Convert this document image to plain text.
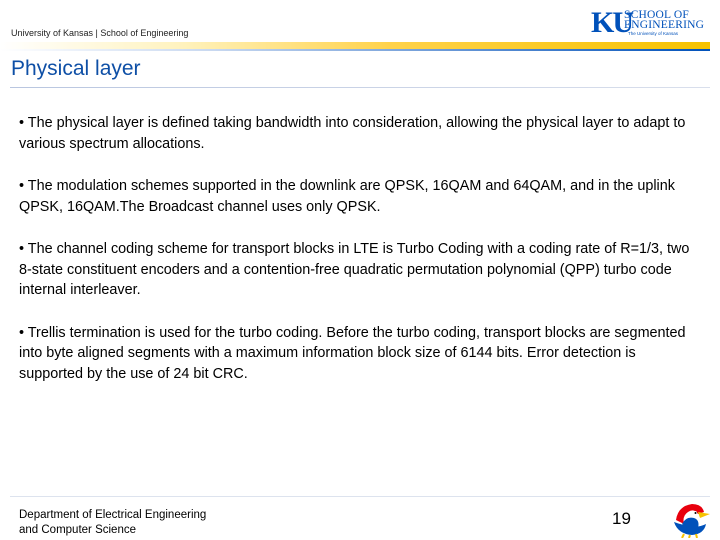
University of Kansas | School of Engineering	KU
SCHOOL OF
ENGINEERING
The University of Kansas
Physical layer

• The physical layer is defined taking bandwidth into consideration, allowing the physical layer to adapt to various spectrum allocations.

• The modulation schemes supported in the downlink are QPSK, 16QAM and 64QAM, and in the uplink QPSK, 16QAM.The Broadcast channel uses only QPSK.

• The channel coding scheme for transport blocks in LTE is Turbo Coding with a coding rate of R=1/3, two 8-state constituent encoders and a contention-free quadratic permutation polynomial (QPP) turbo code internal interleaver.

• Trellis termination is used for the turbo coding. Before the turbo coding, transport blocks are segmented into byte aligned segments with a maximum information block size of 6144 bits. Error detection is supported by the use of 24 bit CRC.

Department of Electrical Engineering
and Computer Science
19
